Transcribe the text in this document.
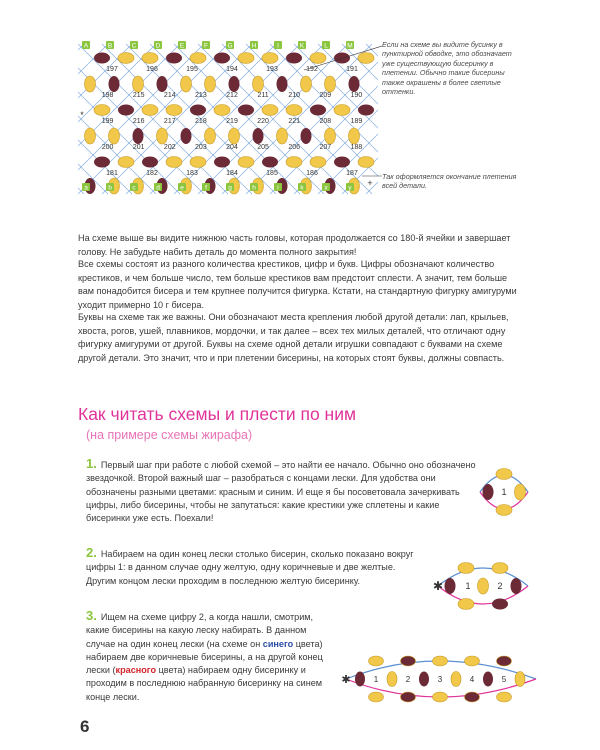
197	196	195	194	193	192	191
198	215	214	213	212	211	210	209	190
199	216	217	218	219	220	221	208	189
200	201	202	203	204	205	206	207	188
181	182	183	184	185	186	187
A	B	C	D	E	F	G	H	I	K	L	M
a	b	c	d	e	f	g	h	i	k	x	y +
*
Если на схеме вы видите бусинку в пунктирной обводке, это обозначает уже существующую бисеринку в плетении. Обычно такие бисерины также окрашены в более светлые оттенки.
Так оформляется окончание плетения всей детали.

На схеме выше вы видите нижнюю часть головы, которая продолжается со 180-й ячейки и завершает голову. Не забудьте набить деталь до момента полного закрытия!

Все схемы состоят из разного количества крестиков, цифр и букв. Цифры обозначают количество крестиков, и чем больше число, тем больше крестиков вам предстоит сплести. А значит, тем больше вам понадобится бисера и тем крупнее получится фигурка. Кстати, на стандартную фигурку амигуруми уходит примерно 10 г бисера.

Буквы на схеме так же важны. Они обозначают места крепления любой другой детали: лап, крыльев, хвоста, рогов, ушей, плавников, мордочки, и так далее – всех тех милых деталей, что отличают одну фигурку амигуруми от другой. Буквы на схеме одной детали игрушки совпадают с буквами на схеме другой детали. Это значит, что и при плетении бисерины, на которых стоят буквы, должны совпасть.

Как читать схемы и плести по ним
(на примере схемы жирафа)

1. Первый шаг при работе с любой схемой – это найти ее начало. Обычно оно обозначено звездочкой. Второй важный шаг – разобраться с концами лески. Для удобства они обозначены разными цветами: красным и синим. И еще я бы посоветовала зачеркивать цифры, либо бисерины, чтобы не запутаться: какие крестики уже сплетены и какие бисеринки уже есть. Поехали!

2. Набираем на один конец лески столько бисерин, сколько показано вокруг цифры 1: в данном случае одну желтую, одну коричневые и две желтые. Другим концом лески проходим в последнюю желтую бисеринку.

3. Ищем на схеме цифру 2, а когда нашли, смотрим, какие бисерины на какую леску набирать. В данном случае на один конец лески (на схеме он синего цвета) набираем две коричневые бисерины, а на другой конец лески (красного цвета) набираем одну бисеринку и проходим в последнюю набранную бисеринку на синем конце лески.

1
✱ 1	2
✱	1	2	3	4	5
6
